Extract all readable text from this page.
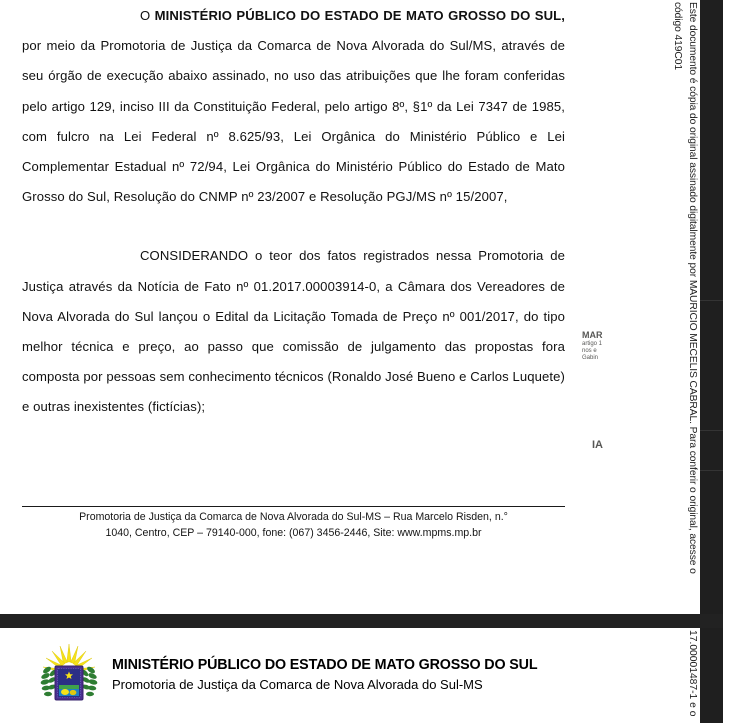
O MINISTÉRIO PÚBLICO DO ESTADO DE MATO GROSSO DO SUL, por meio da Promotoria de Justiça da Comarca de Nova Alvorada do Sul/MS, através de seu órgão de execução abaixo assinado, no uso das atribuições que lhe foram conferidas pelo artigo 129, inciso III da Constituição Federal, pelo artigo 8º, §1º da Lei 7347 de 1985, com fulcro na Lei Federal nº 8.625/93, Lei Orgânica do Ministério Público e Lei Complementar Estadual nº 72/94, Lei Orgânica do Ministério Público do Estado de Mato Grosso do Sul, Resolução do CNMP nº 23/2007 e Resolução PGJ/MS nº 15/2007,

CONSIDERANDO o teor dos fatos registrados nessa Promotoria de Justiça através da Notícia de Fato nº 01.2017.00003914-0, a Câmara dos Vereadores de Nova Alvorada do Sul lançou o Edital da Licitação Tomada de Preço nº 001/2017, do tipo melhor técnica e preço, ao passo que comissão de julgamento das propostas fora composta por pessoas sem conhecimento técnicos (Ronaldo José Bueno e Carlos Luquete) e outras inexistentes (fictícias);

Promotoria de Justiça da Comarca de Nova Alvorada do Sul-MS – Rua Marcelo Risden, n.°
1040, Centro, CEP – 79140-000, fone: (067) 3456-2446, Site: www.mpms.mp.br	Este documento é cópia do original assinado digitalmente por MAURICIO MECELIS CABRAL. Para conferir o original, acesse o
código 419C01
MAR
artigo 1
nos e
Gabin
IA
MINISTÉRIO PÚBLICO DO ESTADO DE MATO GROSSO DO SUL
Promotoria de Justiça da Comarca de Nova Alvorada do Sul-MS	17.00001487-1 e o
